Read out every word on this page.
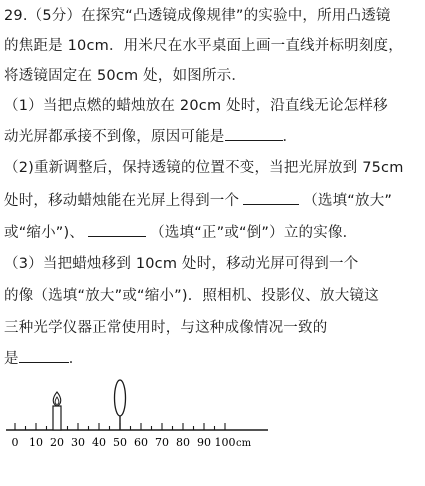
29.（5分）在探究“凸透镜成像规律”的实验中，所用凸透镜
的焦距是 10cm．用米尺在水平桌面上画一直线并标明刻度，
将透镜固定在 50cm 处，如图所示．
（1）当把点燃的蜡烛放在 20cm 处时，沿直线无论怎样移
动光屏都承接不到像，原因可能是	．
（2)重新调整后，保持透镜的位置不变，当把光屏放到 75cm
处时，移动蜡烛能在光屏上得到一个	（选填“放大”
或“缩小”)、	（选填“正”或“倒”）立的实像．
（3）当把蜡烛移到 10cm 处时，移动光屏可得到一个
的像（选填“放大”或“缩小”)．照相机、投影仪、放大镜这
三种光学仪器正常使用时，与这种成像情况一致的
是	．
0 10 20 30 40 50 60 70 80 90 100 cm
